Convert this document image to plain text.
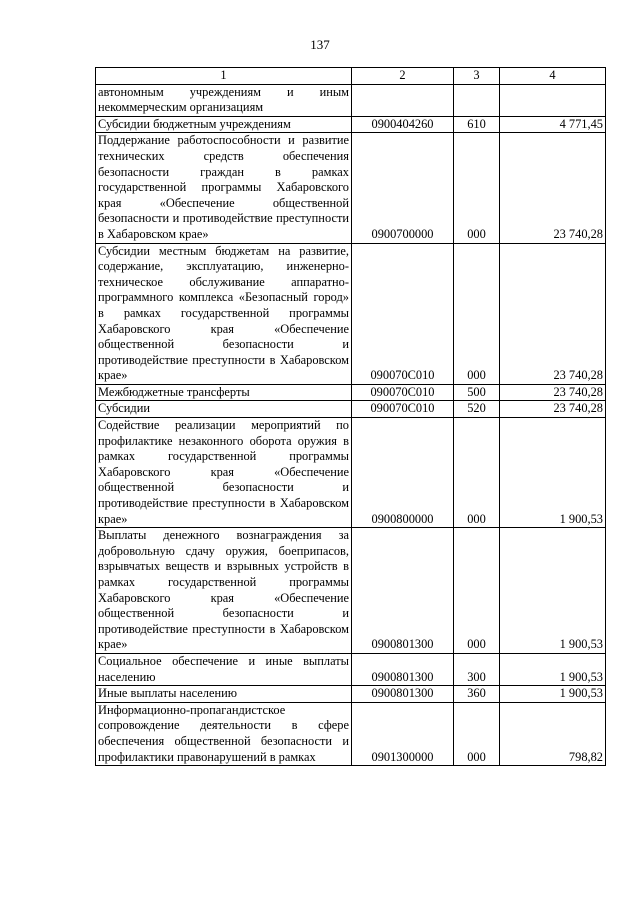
137
1	2	3	4
автономным учреждениям и иным некоммерческим организациям			
Субсидии бюджетным учреждениям	0900404260	610	4 771,45
Поддержание работоспособности и развитие технических средств обеспечения безопасности граждан в рамках государственной программы Хабаровского края «Обеспечение общественной безопасности и противодействие преступности в Хабаровском крае»	0900700000	000	23 740,28
Субсидии местным бюджетам на развитие, содержание, эксплуатацию, инженерно-техническое обслуживание аппаратно-программного комплекса «Безопасный город» в рамках государственной программы Хабаровского края «Обеспечение общественной безопасности и противодействие преступности в Хабаровском крае»	090070С010	000	23 740,28
Межбюджетные трансферты	090070С010	500	23 740,28
Субсидии	090070С010	520	23 740,28
Содействие реализации мероприятий по профилактике незаконного оборота оружия в рамках государственной программы Хабаровского края «Обеспечение общественной безопасности и противодействие преступности в Хабаровском крае»	0900800000	000	1 900,53
Выплаты денежного вознаграждения за добровольную сдачу оружия, боеприпасов, взрывчатых веществ и взрывных устройств в рамках государственной программы Хабаровского края «Обеспечение общественной безопасности и противодействие преступности в Хабаровском крае»	0900801300	000	1 900,53
Социальное обеспечение и иные выплаты населению	0900801300	300	1 900,53
Иные выплаты населению	0900801300	360	1 900,53
Информационно-пропагандистское сопровождение деятельности в сфере обеспечения общественной безопасности и профилактики правонарушений в рамках	0901300000	000	798,82
